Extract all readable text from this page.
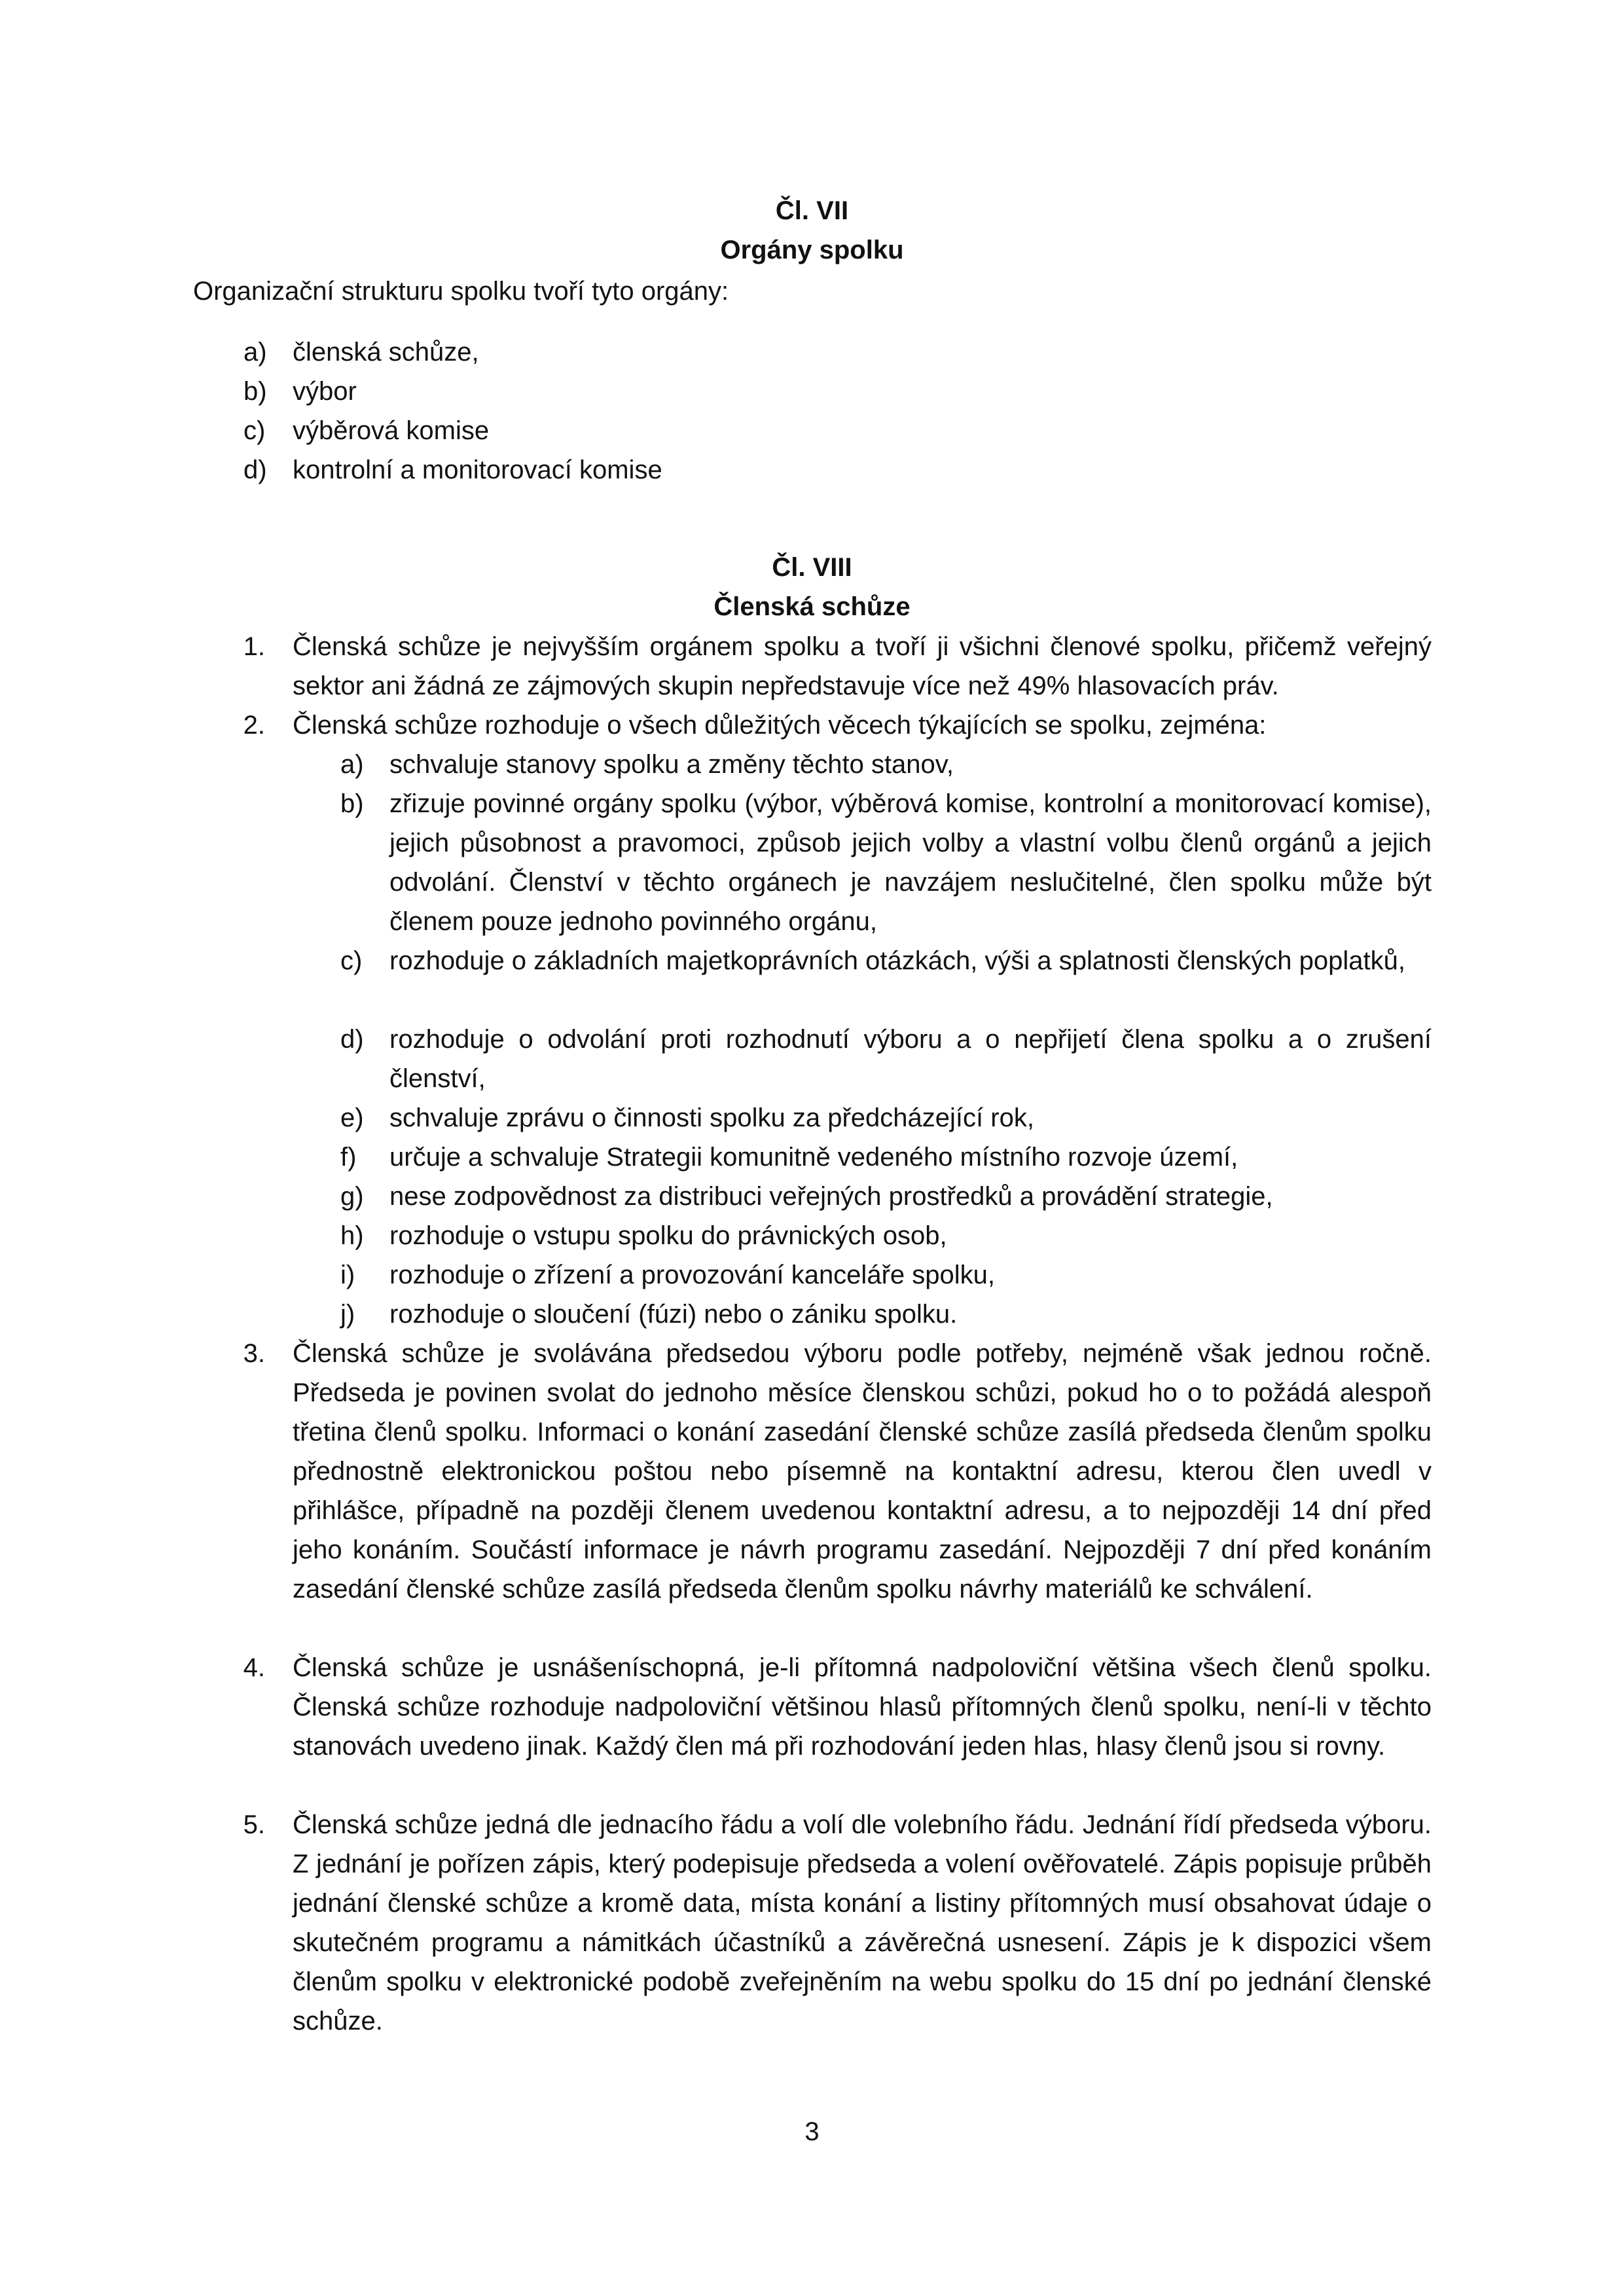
Čl. VII
Orgány spolku
Organizační strukturu spolku tvoří tyto orgány:
a) členská schůze,
b) výbor
c) výběrová komise
d) kontrolní a monitorovací komise
Čl. VIII
Členská schůze
1. Členská schůze je nejvyšším orgánem spolku a tvoří ji všichni členové spolku, přičemž veřejný sektor ani žádná ze zájmových skupin nepředstavuje více než 49% hlasovacích práv.
2. Členská schůze rozhoduje o všech důležitých věcech týkajících se spolku, zejména:
a) schvaluje stanovy spolku a změny těchto stanov,
b) zřizuje povinné orgány spolku (výbor, výběrová komise, kontrolní a monitorovací komise), jejich působnost a pravomoci, způsob jejich volby a vlastní volbu členů orgánů a jejich odvolání. Členství v těchto orgánech je navzájem neslučitelné, člen spolku může být členem pouze jednoho povinného orgánu,
c) rozhoduje o základních majetkoprávních otázkách, výši a splatnosti členských poplatků,
d) rozhoduje o odvolání proti rozhodnutí výboru a o nepřijetí člena spolku a o zrušení členství,
e) schvaluje zprávu o činnosti spolku za předcházející rok,
f) určuje a schvaluje Strategii komunitně vedeného místního rozvoje území,
g) nese zodpovědnost za distribuci veřejných prostředků a provádění strategie,
h) rozhoduje o vstupu spolku do právnických osob,
i) rozhoduje o zřízení a provozování kanceláře spolku,
j) rozhoduje o sloučení (fúzi) nebo o zániku spolku.
3. Členská schůze je svolávána předsedou výboru podle potřeby, nejméně však jednou ročně. Předseda je povinen svolat do jednoho měsíce členskou schůzi, pokud ho o to požádá alespoň třetina členů spolku. Informaci o konání zasedání členské schůze zasílá předseda členům spolku přednostně elektronickou poštou nebo písemně na kontaktní adresu, kterou člen uvedl v přihlášce, případně na později členem uvedenou kontaktní adresu, a to nejpozději 14 dní před jeho konáním. Součástí informace je návrh programu zasedání. Nejpozději 7 dní před konáním zasedání členské schůze zasílá předseda členům spolku návrhy materiálů ke schválení.
4. Členská schůze je usnášeníschopná, je-li přítomná nadpoloviční většina všech členů spolku. Členská schůze rozhoduje nadpoloviční většinou hlasů přítomných členů spolku, není-li v těchto stanovách uvedeno jinak. Každý člen má při rozhodování jeden hlas, hlasy členů jsou si rovny.
5. Členská schůze jedná dle jednacího řádu a volí dle volebního řádu. Jednání řídí předseda výboru. Z jednání je pořízen zápis, který podepisuje předseda a volení ověřovatelé. Zápis popisuje průběh jednání členské schůze a kromě data, místa konání a listiny přítomných musí obsahovat údaje o skutečném programu a námitkách účastníků a závěrečná usnesení. Zápis je k dispozici všem členům spolku v elektronické podobě zveřejněním na webu spolku do 15 dní po jednání členské schůze.
3
